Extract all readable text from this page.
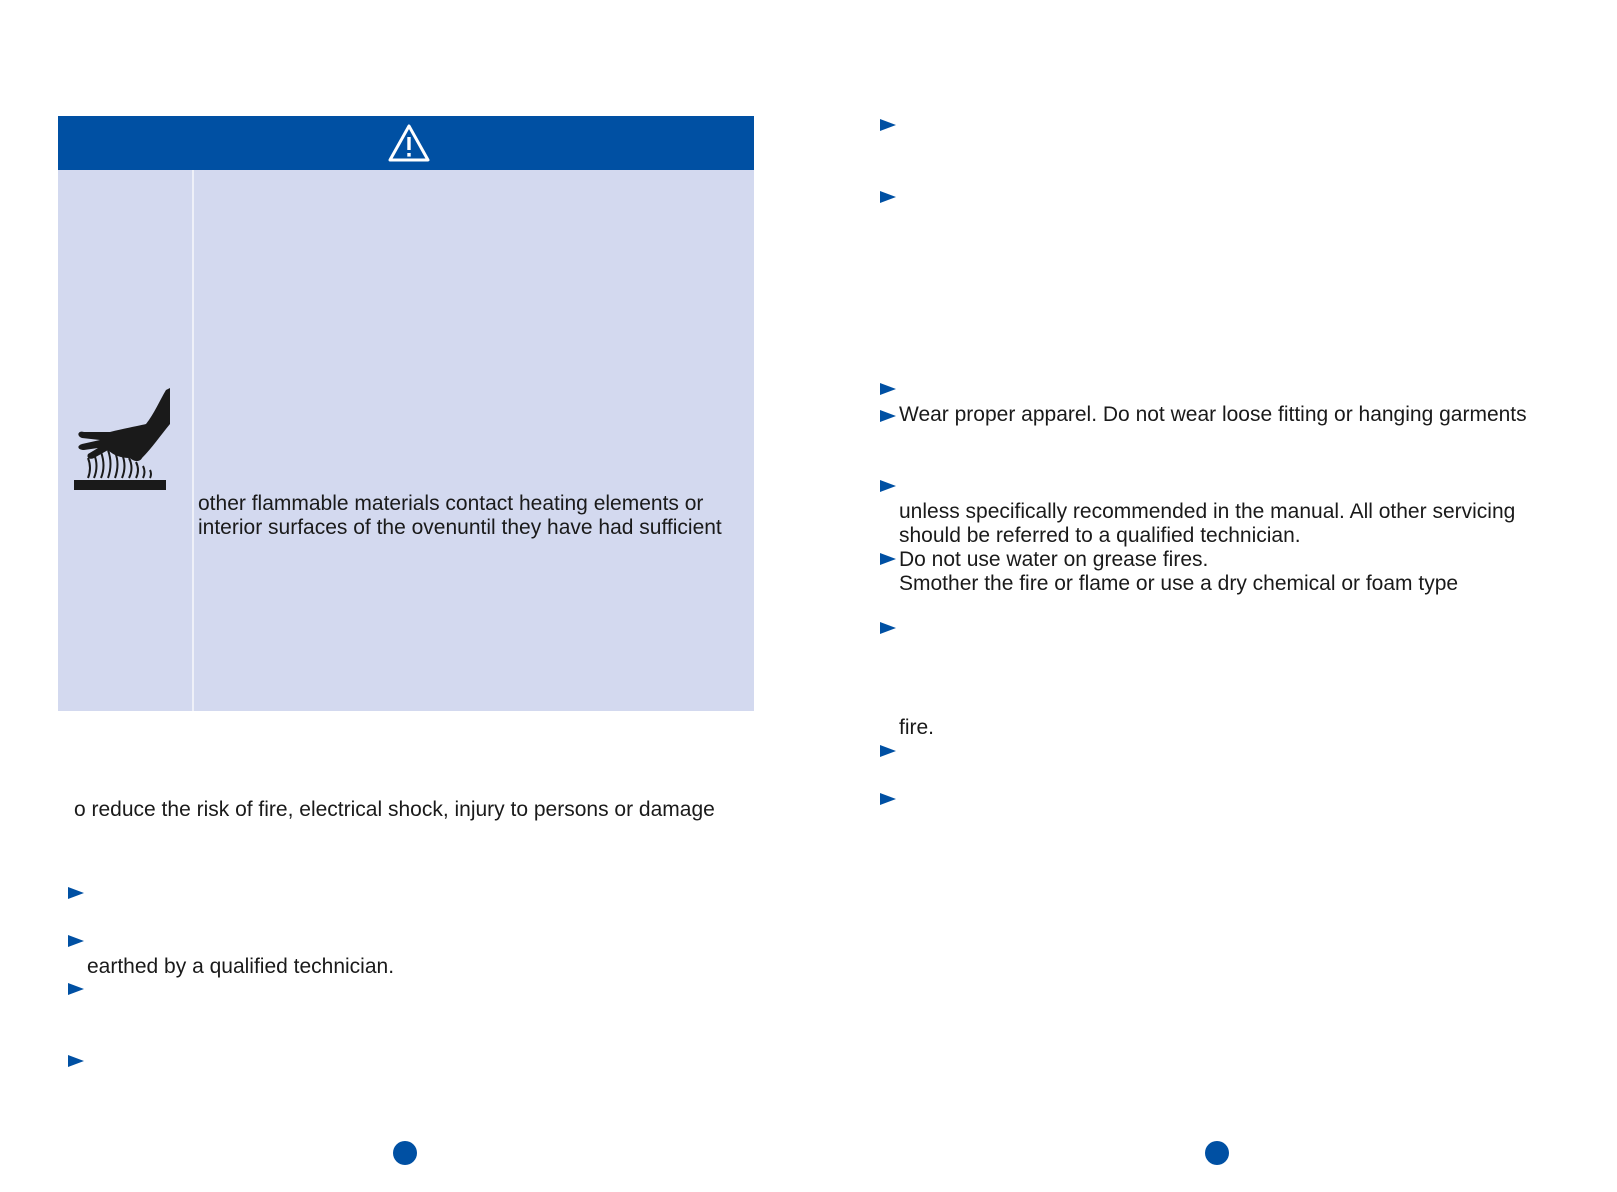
other flammable materials contact heating elements or
interior surfaces of the ovenuntil they have had sufficient
o reduce the risk of fire, electrical shock, injury to persons or damage
earthed by a qualified technician.
Wear proper apparel. Do not wear loose fitting or hanging garments
unless specifically recommended in the manual. All other servicing
should be referred to a qualified technician.
Do not use water on grease fires.
Smother the fire or flame or use a dry chemical or foam type
fire.
